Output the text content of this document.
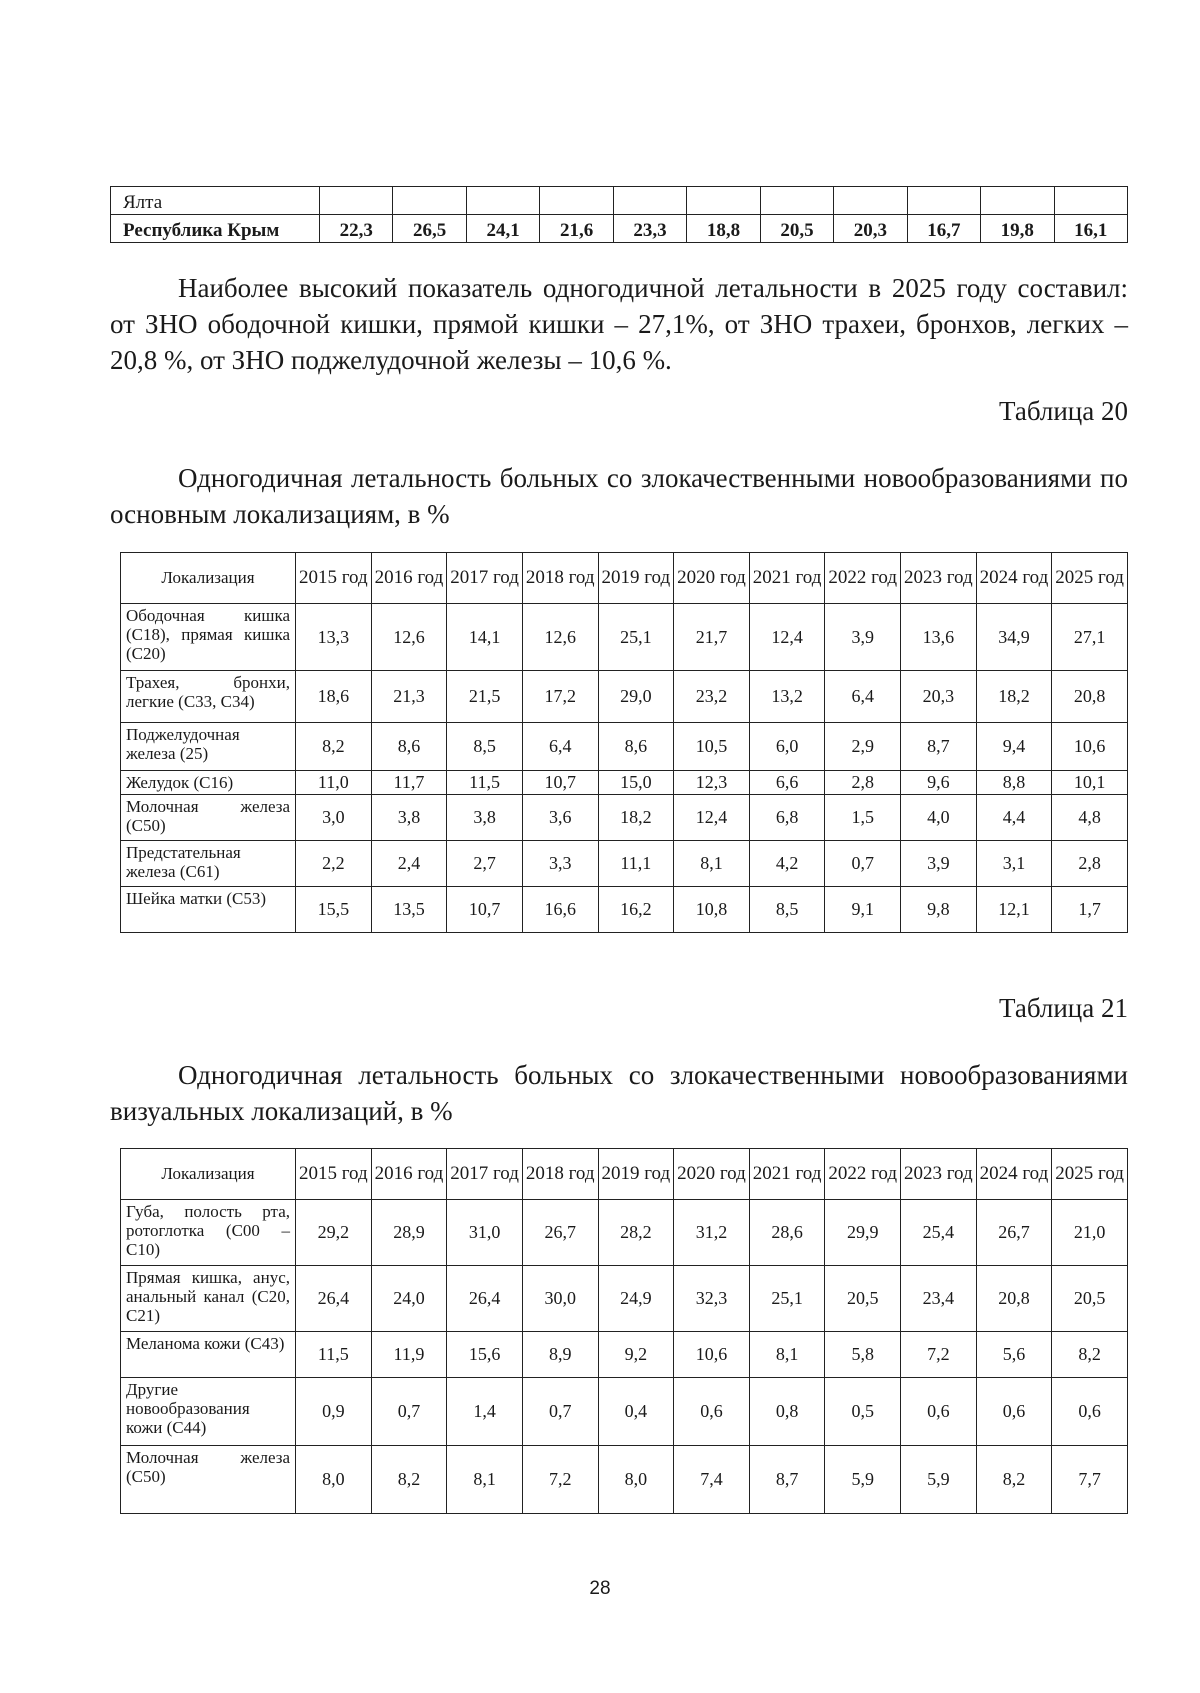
Ялта											
Республика Крым	22,3	26,5	24,1	21,6	23,3	18,8	20,5	20,3	16,7	19,8	16,1
Наиболее высокий показатель одногодичной летальности в 2025 году составил: от ЗНО ободочной кишки, прямой кишки – 27,1%, от ЗНО трахеи, бронхов, легких – 20,8 %, от ЗНО поджелудочной железы – 10,6 %.
Таблица 20
Одногодичная летальность больных со злокачественными новообразованиями по основным локализациям, в %
Локализация	2015 год	2016 год	2017 год	2018 год	2019 год	2020 год	2021 год	2022 год	2023 год	2024 год	2025 год
Ободочная кишка (С18), прямая кишка (С20)	13,3	12,6	14,1	12,6	25,1	21,7	12,4	3,9	13,6	34,9	27,1
Трахея, бронхи, легкие (С33, С34)	18,6	21,3	21,5	17,2	29,0	23,2	13,2	6,4	20,3	18,2	20,8
Поджелудочная железа (25)	8,2	8,6	8,5	6,4	8,6	10,5	6,0	2,9	8,7	9,4	10,6
Желудок (С16)	11,0	11,7	11,5	10,7	15,0	12,3	6,6	2,8	9,6	8,8	10,1
Молочная железа (С50)	3,0	3,8	3,8	3,6	18,2	12,4	6,8	1,5	4,0	4,4	4,8
Предстательная железа (С61)	2,2	2,4	2,7	3,3	11,1	8,1	4,2	0,7	3,9	3,1	2,8
Шейка матки (С53)	15,5	13,5	10,7	16,6	16,2	10,8	8,5	9,1	9,8	12,1	1,7
Таблица 21
Одногодичная летальность больных со злокачественными новообразованиями визуальных локализаций, в %
Локализация	2015 год	2016 год	2017 год	2018 год	2019 год	2020 год	2021 год	2022 год	2023 год	2024 год	2025 год
Губа, полость рта, ротоглотка (С00 – С10)	29,2	28,9	31,0	26,7	28,2	31,2	28,6	29,9	25,4	26,7	21,0
Прямая кишка, анус, анальный канал (С20, С21)	26,4	24,0	26,4	30,0	24,9	32,3	25,1	20,5	23,4	20,8	20,5
Меланома кожи (С43)	11,5	11,9	15,6	8,9	9,2	10,6	8,1	5,8	7,2	5,6	8,2
Другие новообразования кожи (С44)	0,9	0,7	1,4	0,7	0,4	0,6	0,8	0,5	0,6	0,6	0,6
Молочная железа (С50)	8,0	8,2	8,1	7,2	8,0	7,4	8,7	5,9	5,9	8,2	7,7
28
